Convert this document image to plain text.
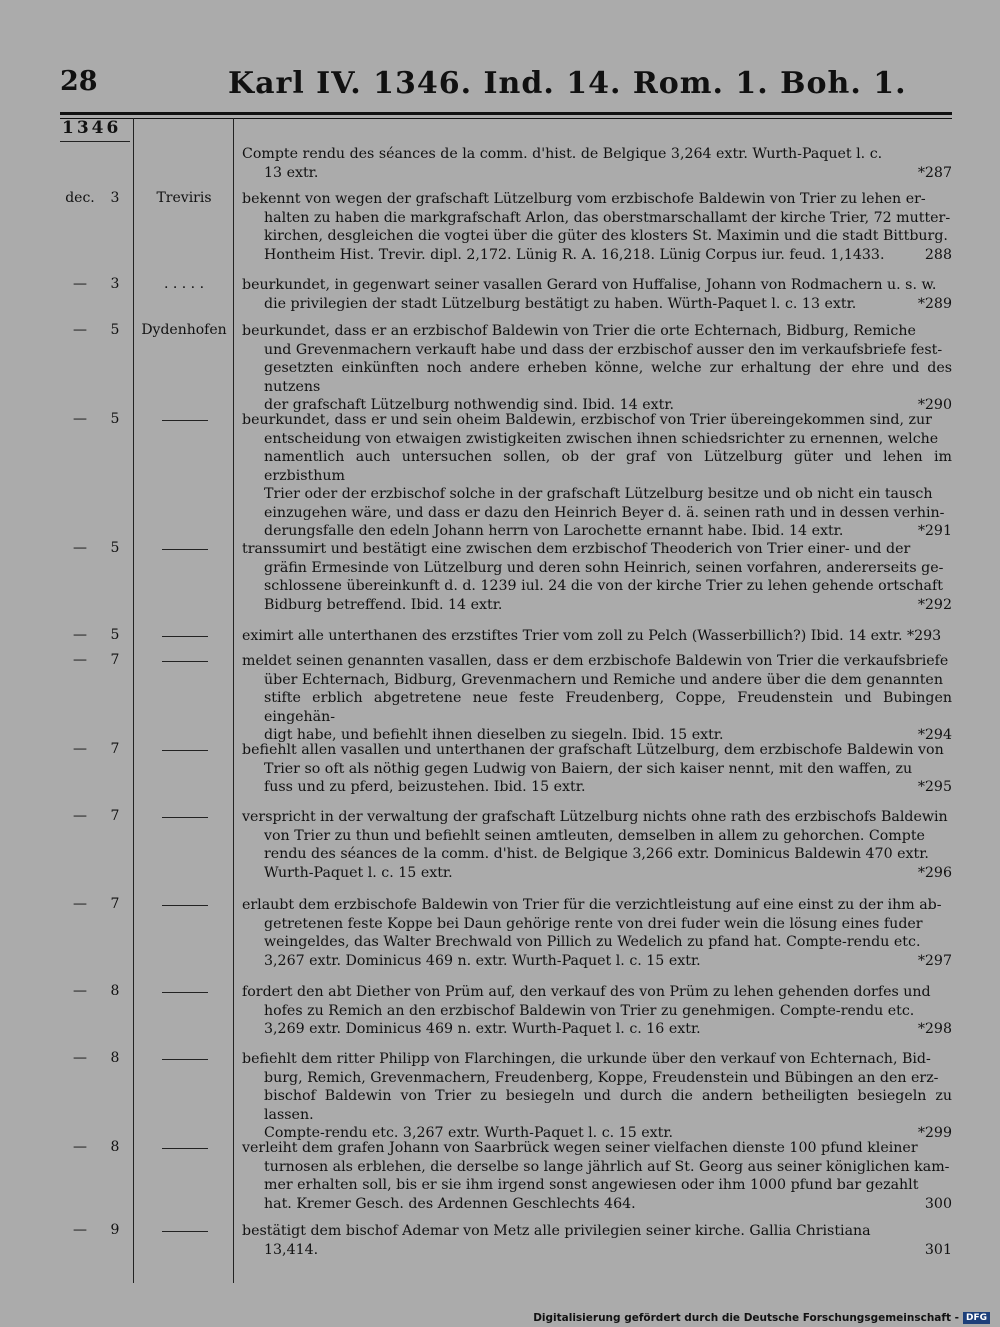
28	Karl IV. 1346. Ind. 14. Rom. 1. Boh. 1.
1346
Compte rendu des séances de la comm. d'hist. de Belgique 3,264 extr. Wurth-Paquet l. c.
13 extr.	*287
dec.	3	Treviris	bekennt von wegen der grafschaft Lützelburg vom erzbischofe Baldewin von Trier zu lehen er-
halten zu haben die markgrafschaft Arlon, das oberstmarschallamt der kirche Trier, 72 mutter-
kirchen, desgleichen die vogtei über die güter des klosters St. Maximin und die stadt Bittburg.
Hontheim Hist. Trevir. dipl. 2,172. Lünig R. A. 16,218. Lünig Corpus iur. feud. 1,1433.	288
—	3	. . . . .	beurkundet, in gegenwart seiner vasallen Gerard von Huffalise, Johann von Rodmachern u. s. w.
die privilegien der stadt Lützelburg bestätigt zu haben. Würth-Paquet l. c. 13 extr.	*289
—	5	Dydenhofen beurkundet, dass er an erzbischof Baldewin von Trier die orte Echternach, Bidburg, Remiche
und Grevenmachern verkauft habe und dass der erzbischof ausser den im verkaufsbriefe fest-
gesetzten einkünften noch andere erheben könne, welche zur erhaltung der ehre und des nutzens
der grafschaft Lützelburg nothwendig sind. Ibid. 14 extr.	*290
—	5	beurkundet, dass er und sein oheim Baldewin, erzbischof von Trier übereingekommen sind, zur
entscheidung von etwaigen zwistigkeiten zwischen ihnen schiedsrichter zu ernennen, welche
namentlich auch untersuchen sollen, ob der graf von Lützelburg güter und lehen im erzbisthum
Trier oder der erzbischof solche in der grafschaft Lützelburg besitze und ob nicht ein tausch
einzugehen wäre, und dass er dazu den Heinrich Beyer d. ä. seinen rath und in dessen verhin-
derungsfalle den edeln Johann herrn von Larochette ernannt habe. Ibid. 14 extr.	*291
—	5	transsumirt und bestätigt eine zwischen dem erzbischof Theoderich von Trier einer- und der
gräfin Ermesinde von Lützelburg und deren sohn Heinrich, seinen vorfahren, andererseits ge-
schlossene übereinkunft d. d. 1239 iul. 24 die von der kirche Trier zu lehen gehende ortschaft
Bidburg betreffend. Ibid. 14 extr.	*292
—	5	eximirt alle unterthanen des erzstiftes Trier vom zoll zu Pelch (Wasserbillich?) Ibid. 14 extr. *293
—	7	meldet seinen genannten vasallen, dass er dem erzbischofe Baldewin von Trier die verkaufsbriefe
über Echternach, Bidburg, Grevenmachern und Remiche und andere über die dem genannten
stifte erblich abgetretene neue feste Freudenberg, Coppe, Freudenstein und Bubingen eingehän-
digt habe, und befiehlt ihnen dieselben zu siegeln. Ibid. 15 extr.	*294
—	7	befiehlt allen vasallen und unterthanen der grafschaft Lützelburg, dem erzbischofe Baldewin von
Trier so oft als nöthig gegen Ludwig von Baiern, der sich kaiser nennt, mit den waffen, zu
fuss und zu pferd, beizustehen. Ibid. 15 extr.	*295
—	7	verspricht in der verwaltung der grafschaft Lützelburg nichts ohne rath des erzbischofs Baldewin
von Trier zu thun und befiehlt seinen amtleuten, demselben in allem zu gehorchen. Compte
rendu des séances de la comm. d'hist. de Belgique 3,266 extr. Dominicus Baldewin 470 extr.
Wurth-Paquet l. c. 15 extr.	*296
—	7	erlaubt dem erzbischofe Baldewin von Trier für die verzichtleistung auf eine einst zu der ihm ab-
getretenen feste Koppe bei Daun gehörige rente von drei fuder wein die lösung eines fuder
weingeldes, das Walter Brechwald von Pillich zu Wedelich zu pfand hat. Compte-rendu etc.
3,267 extr. Dominicus 469 n. extr. Wurth-Paquet l. c. 15 extr.	*297
—	8	fordert den abt Diether von Prüm auf, den verkauf des von Prüm zu lehen gehenden dorfes und
hofes zu Remich an den erzbischof Baldewin von Trier zu genehmigen. Compte-rendu etc.
3,269 extr. Dominicus 469 n. extr. Wurth-Paquet l. c. 16 extr.	*298
—	8	befiehlt dem ritter Philipp von Flarchingen, die urkunde über den verkauf von Echternach, Bid-
burg, Remich, Grevenmachern, Freudenberg, Koppe, Freudenstein und Bübingen an den erz-
bischof Baldewin von Trier zu besiegeln und durch die andern betheiligten besiegeln zu lassen.
Compte-rendu etc. 3,267 extr. Wurth-Paquet l. c. 15 extr.	*299
—	8	verleiht dem grafen Johann von Saarbrück wegen seiner vielfachen dienste 100 pfund kleiner
turnosen als erblehen, die derselbe so lange jährlich auf St. Georg aus seiner königlichen kam-
mer erhalten soll, bis er sie ihm irgend sonst angewiesen oder ihm 1000 pfund bar gezahlt
hat. Kremer Gesch. des Ardennen Geschlechts 464.	300
—	9	bestätigt dem bischof Ademar von Metz alle privilegien seiner kirche. Gallia Christiana
13,414.	301
Digitalisierung gefördert durch die Deutsche Forschungsgemeinschaft - DFG
